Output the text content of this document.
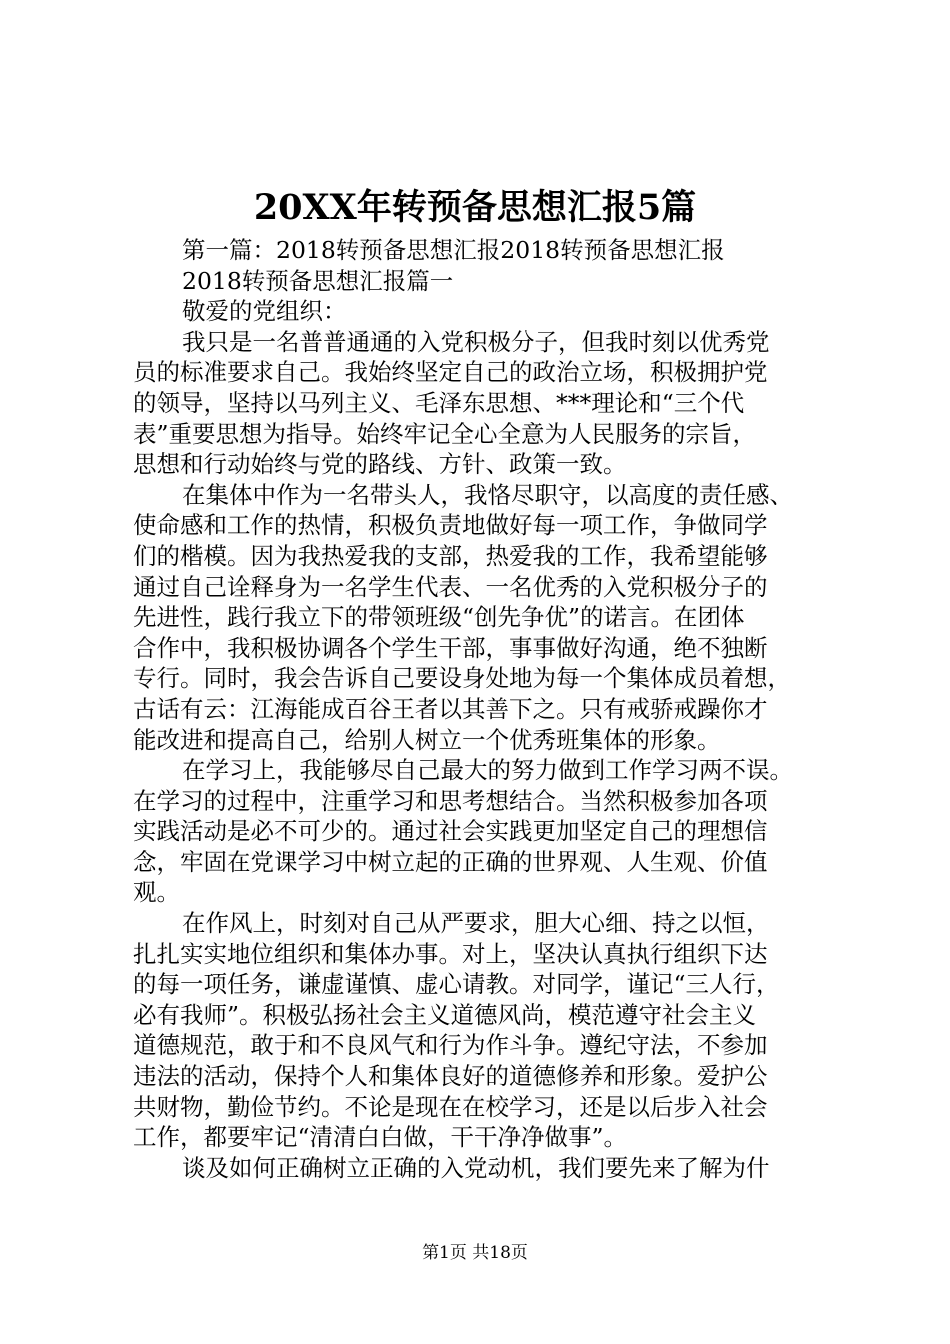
20XX年转预备思想汇报5篇
第一篇：2018转预备思想汇报2018转预备思想汇报
2018转预备思想汇报篇一
敬爱的党组织：
我只是一名普普通通的入党积极分子，但我时刻以优秀党
员的标准要求自己。我始终坚定自己的政治立场，积极拥护党
的领导，坚持以马列主义、毛泽东思想、***理论和“三个代
表”重要思想为指导。始终牢记全心全意为人民服务的宗旨，
思想和行动始终与党的路线、方针、政策一致。
在集体中作为一名带头人，我恪尽职守，以高度的责任感、
使命感和工作的热情，积极负责地做好每一项工作，争做同学
们的楷模。因为我热爱我的支部，热爱我的工作，我希望能够
通过自己诠释身为一名学生代表、一名优秀的入党积极分子的
先进性，践行我立下的带领班级“创先争优”的诺言。在团体
合作中，我积极协调各个学生干部，事事做好沟通，绝不独断
专行。同时，我会告诉自己要设身处地为每一个集体成员着想，
古话有云：江海能成百谷王者以其善下之。只有戒骄戒躁你才
能改进和提高自己，给别人树立一个优秀班集体的形象。
在学习上，我能够尽自己最大的努力做到工作学习两不误。
在学习的过程中，注重学习和思考想结合。当然积极参加各项
实践活动是必不可少的。通过社会实践更加坚定自己的理想信
念，牢固在党课学习中树立起的正确的世界观、人生观、价值
观。
在作风上，时刻对自己从严要求，胆大心细、持之以恒，
扎扎实实地位组织和集体办事。对上，坚决认真执行组织下达
的每一项任务，谦虚谨慎、虚心请教。对同学，谨记“三人行，
必有我师”。积极弘扬社会主义道德风尚，模范遵守社会主义
道德规范，敢于和不良风气和行为作斗争。遵纪守法，不参加
违法的活动，保持个人和集体良好的道德修养和形象。爱护公
共财物，勤俭节约。不论是现在在校学习，还是以后步入社会
工作，都要牢记“清清白白做，干干净净做事”。
谈及如何正确树立正确的入党动机，我们要先来了解为什
第1页 共18页
